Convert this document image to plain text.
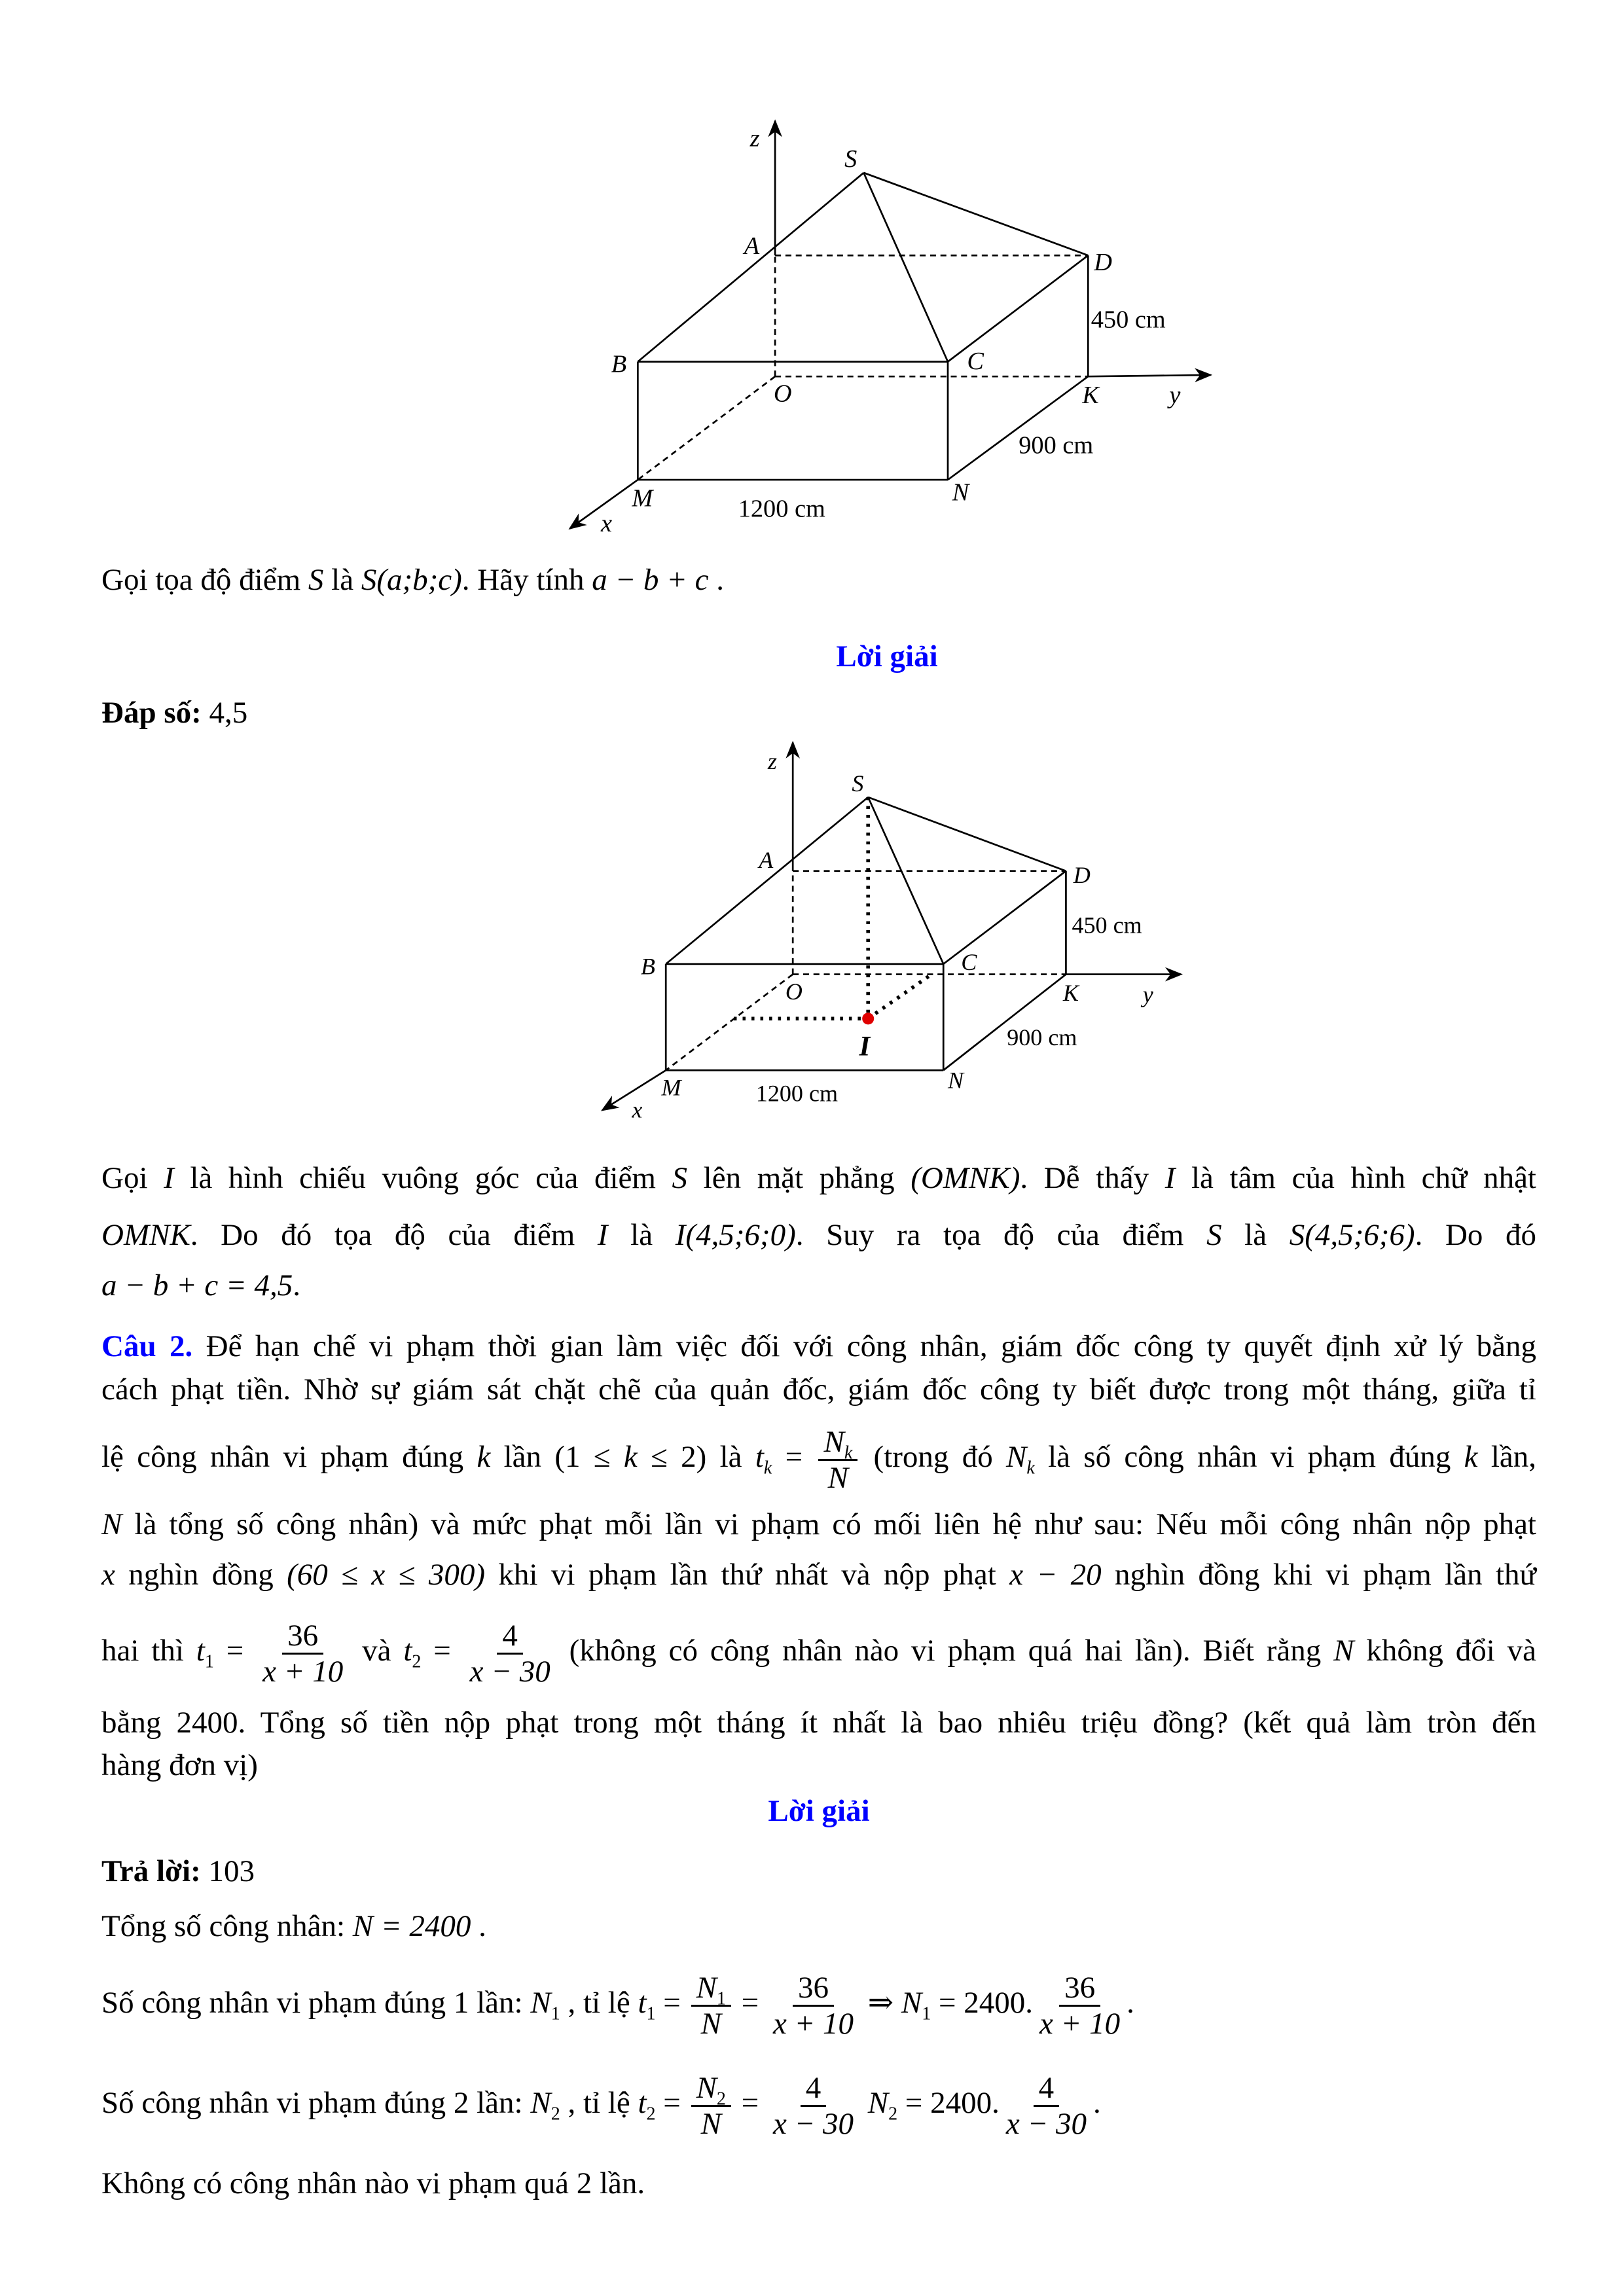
z
S
A
D
B	C
O	K	y
M	N
x
450 cm
900 cm
1200 cm
z
S
A
D
B	C
O	K	y
M	N
x
I
450 cm
900 cm
1200 cm
Gọi tọa độ điểm S là S(a;b;c). Hãy tính a − b + c .
Lời giải
Đáp số: 4,5
Gọi I là hình chiếu vuông góc của điểm S lên mặt phẳng (OMNK). Dễ thấy I là tâm của hình chữ nhật
OMNK. Do đó tọa độ của điểm I là I(4,5;6;0). Suy ra tọa độ của điểm S là S(4,5;6;6). Do đó
a − b + c = 4,5.
Câu 2. Để hạn chế vi phạm thời gian làm việc đối với công nhân, giám đốc công ty quyết định xử lý bằng
cách phạt tiền. Nhờ sự giám sát chặt chẽ của quản đốc, giám đốc công ty biết được trong một tháng, giữa tỉ
lệ công nhân vi phạm đúng k lần (1 ≤ k ≤ 2) là $t_k = \frac{N_k}{N}$ (trong đó $N_k$ là số công nhân vi phạm đúng k lần,
N là tổng số công nhân) và mức phạt mỗi lần vi phạm có mối liên hệ như sau: Nếu mỗi công nhân nộp phạt
x nghìn đồng (60 ≤ x ≤ 300) khi vi phạm lần thứ nhất và nộp phạt x − 20 nghìn đồng khi vi phạm lần thứ
hai thì $t_1 = \frac{36}{x + 10}$ và $t_2 = \frac{4}{x - 30}$ (không có công nhân nào vi phạm quá hai lần). Biết rằng N không đổi và
bằng 2400. Tổng số tiền nộp phạt trong một tháng ít nhất là bao nhiêu triệu đồng? (kết quả làm tròn đến
hàng đơn vị)
Lời giải
Trả lời: 103
Tổng số công nhân: N = 2400 .
Số công nhân vi phạm đúng 1 lần: $N_1$ , tỉ lệ $t_1 = \frac{N_1}{N} = \frac{36}{x + 10}$ ⇒ $N_1 = 2400$. $\frac{36}{x + 10}$ .
Số công nhân vi phạm đúng 2 lần: $N_2$ , tỉ lệ $t_2 = \frac{N_2}{N} = \frac{4}{x - 30} N_2 = 2400$. $\frac{4}{x - 30}$ .
Không có công nhân nào vi phạm quá 2 lần.
